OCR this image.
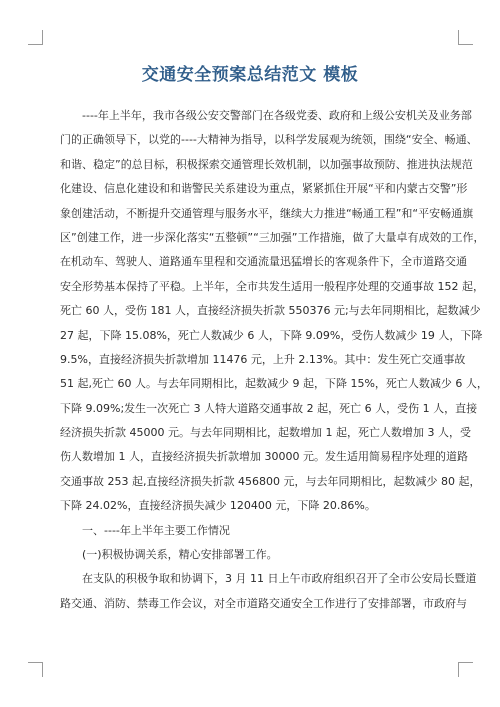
交通安全预案总结范文 模板
----年上半年，我市各级公安交警部门在各级党委、政府和上级公安机关及业务部
门的正确领导下，以党的----大精神为指导，以科学发展观为统领，围绕“安全、畅通、
和谐、稳定”的总目标，积极探索交通管理长效机制，以加强事故预防、推进执法规范
化建设、信息化建设和和谐警民关系建设为重点，紧紧抓住开展“平和内蒙古交警”形
象创建活动，不断提升交通管理与服务水平，继续大力推进“畅通工程”和“平安畅通旗
区”创建工作，进一步深化落实“五整顿”“三加强”工作措施，做了大量卓有成效的工作，
在机动车、驾驶人、道路通车里程和交通流量迅猛增长的客观条件下，全市道路交通
安全形势基本保持了平稳。上半年，全市共发生适用一般程序处理的交通事故 152 起，
死亡 60 人，受伤 181 人，直接经济损失折款 550376 元;与去年同期相比，起数减少
27 起，下降 15.08%，死亡人数减少 6 人，下降 9.09%，受伤人数减少 19 人，下降
9.5%，直接经济损失折款增加 11476 元，上升 2.13%。其中：发生死亡交通事故
51 起,死亡 60 人。与去年同期相比，起数减少 9 起，下降 15%，死亡人数减少 6 人，
下降 9.09%;发生一次死亡 3 人特大道路交通事故 2 起，死亡 6 人，受伤 1 人，直接
经济损失折款 45000 元。与去年同期相比，起数增加 1 起，死亡人数增加 3 人，受
伤人数增加 1 人，直接经济损失折款增加 30000 元。发生适用简易程序处理的道路
交通事故 253 起,直接经济损失折款 456800 元，与去年同期相比，起数减少 80 起，
下降 24.02%，直接经济损失减少 120400 元，下降 20.86%。
一、----年上半年主要工作情况
(一)积极协调关系，精心安排部署工作。
在支队的积极争取和协调下，3 月 11 日上午市政府组织召开了全市公安局长暨道
路交通、消防、禁毒工作会议，对全市道路交通安全工作进行了安排部署，市政府与
